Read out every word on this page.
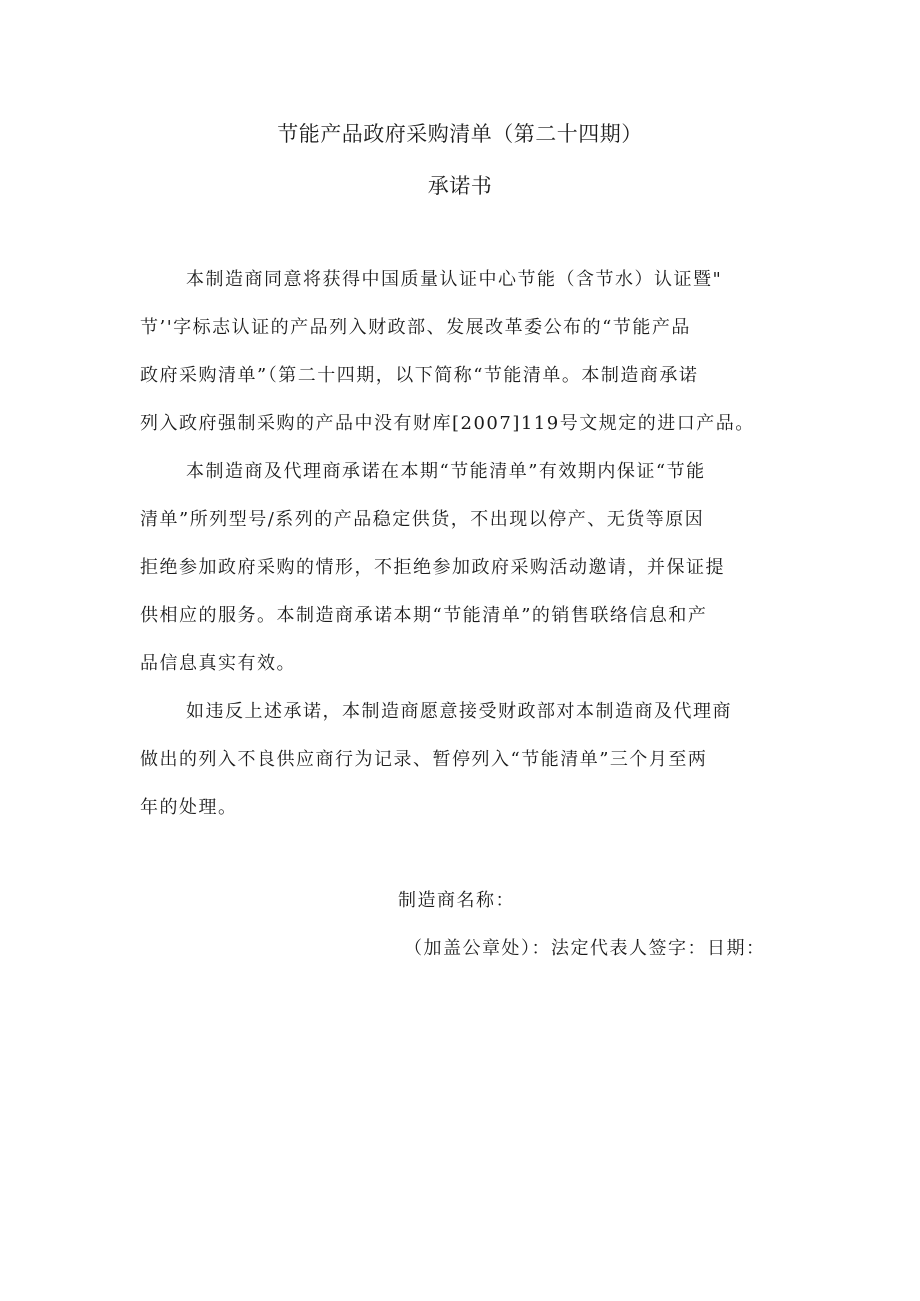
节能产品政府采购清单（第二十四期）
承诺书
本制造商同意将获得中国质量认证中心节能（含节水）认证暨"
节’'字标志认证的产品列入财政部、发展改革委公布的“节能产品
政府采购清单”（第二十四期，以下简称“节能清单。本制造商承诺
列入政府强制采购的产品中没有财库[2007]119号文规定的进口产品。
本制造商及代理商承诺在本期“节能清单”有效期内保证“节能
清单”所列型号/系列的产品稳定供货，不出现以停产、无货等原因
拒绝参加政府采购的情形，不拒绝参加政府采购活动邀请，并保证提
供相应的服务。本制造商承诺本期“节能清单”的销售联络信息和产
品信息真实有效。
如违反上述承诺，本制造商愿意接受财政部对本制造商及代理商
做出的列入不良供应商行为记录、暂停列入“节能清单”三个月至两
年的处理。
制造商名称：
（加盖公章处）：法定代表人签字：日期：
